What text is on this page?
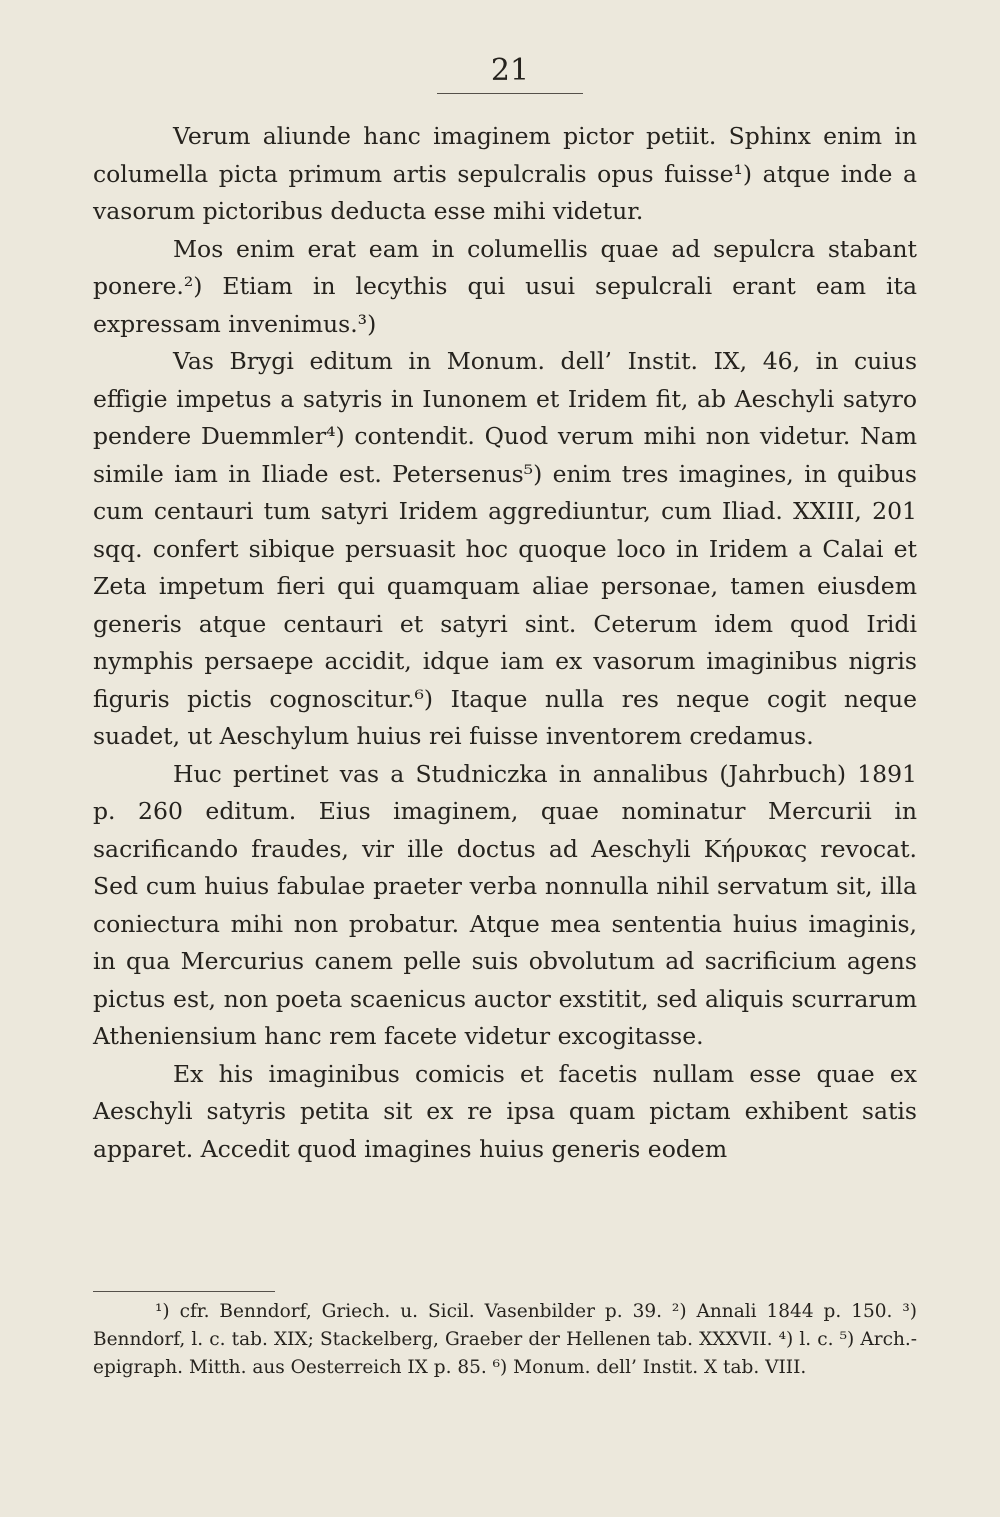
21

Verum aliunde hanc imaginem pictor petiit. Sphinx enim in columella picta primum artis sepulcralis opus fuisse¹) atque inde a vasorum pictoribus deducta esse mihi videtur.

Mos enim erat eam in columellis quae ad sepulcra stabant ponere.²) Etiam in lecythis qui usui sepulcrali erant eam ita expressam invenimus.³)

Vas Brygi editum in Monum. dell’ Instit. IX, 46, in cuius effigie impetus a satyris in Iunonem et Iridem fit, ab Aeschyli satyro pendere Duemmler⁴) contendit. Quod verum mihi non videtur. Nam simile iam in Iliade est. Petersenus⁵) enim tres imagines, in quibus cum centauri tum satyri Iridem aggrediuntur, cum Iliad. XXIII, 201 sqq. confert sibique persuasit hoc quoque loco in Iridem a Calai et Zeta impetum fieri qui quamquam aliae personae, tamen eiusdem generis atque centauri et satyri sint. Ceterum idem quod Iridi nymphis persaepe accidit, idque iam ex vasorum imaginibus nigris figuris pictis cognoscitur.⁶) Itaque nulla res neque cogit neque suadet, ut Aeschylum huius rei fuisse inventorem credamus.

Huc pertinet vas a Studniczka in annalibus (Jahrbuch) 1891 p. 260 editum. Eius imaginem, quae nominatur Mercurii in sacrificando fraudes, vir ille doctus ad Aeschyli Κήρυκας revocat. Sed cum huius fabulae praeter verba nonnulla nihil servatum sit, illa coniectura mihi non probatur. Atque mea sententia huius imaginis, in qua Mercurius canem pelle suis obvolutum ad sacrificium agens pictus est, non poeta scaenicus auctor exstitit, sed aliquis scurrarum Atheniensium hanc rem facete videtur excogitasse.

Ex his imaginibus comicis et facetis nullam esse quae ex Aeschyli satyris petita sit ex re ipsa quam pictam exhibent satis apparet. Accedit quod imagines huius generis eodem

¹) cfr. Benndorf, Griech. u. Sicil. Vasenbilder p. 39. ²) Annali 1844 p. 150. ³) Benndorf, l. c. tab. XIX; Stackelberg, Graeber der Hellenen tab. XXXVII. ⁴) l. c. ⁵) Arch.-epigraph. Mitth. aus Oesterreich IX p. 85. ⁶) Monum. dell’ Instit. X tab. VIII.
